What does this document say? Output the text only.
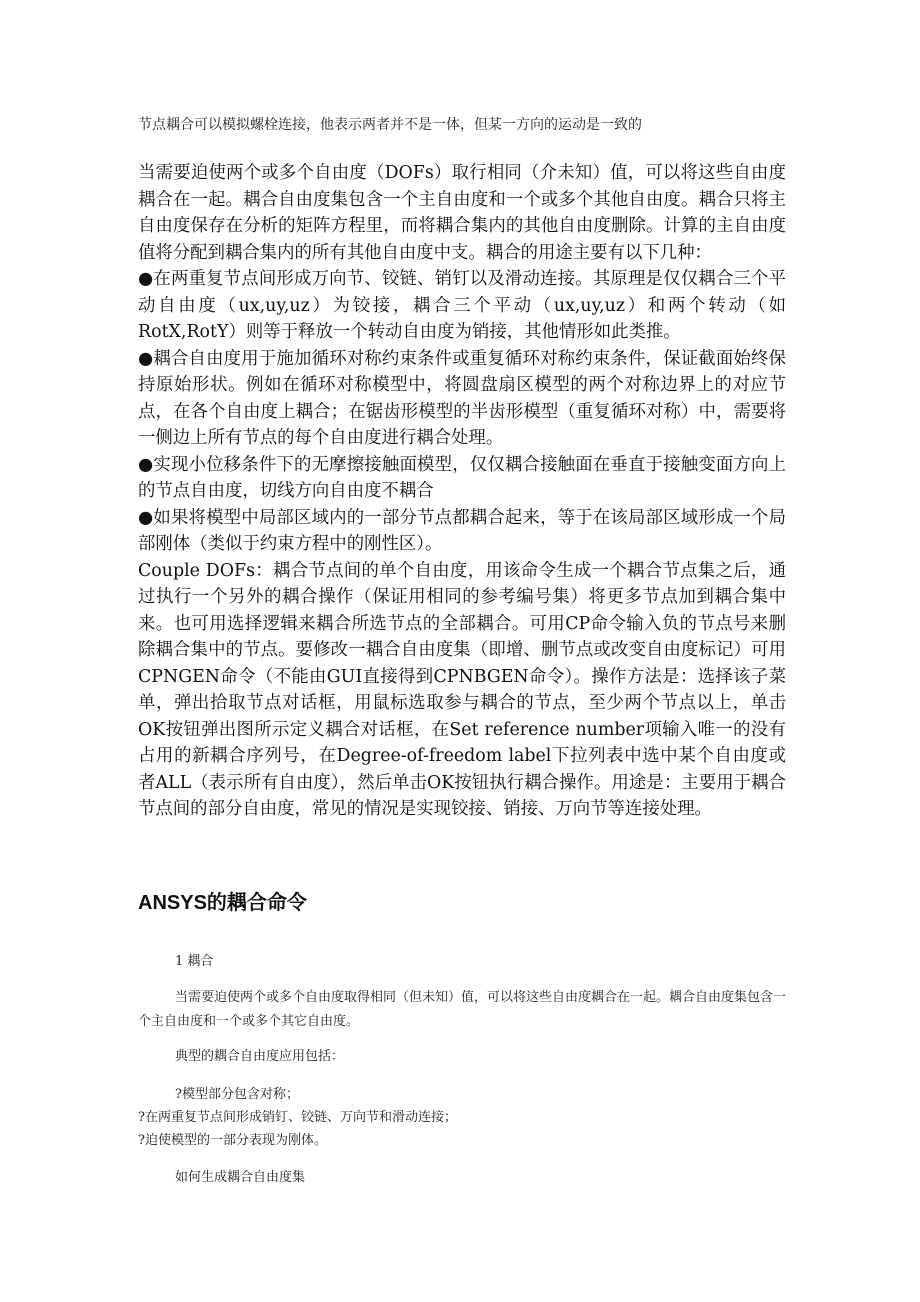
节点耦合可以模拟螺栓连接，他表示两者并不是一体，但某一方向的运动是一致的

当需要迫使两个或多个自由度（DOFs）取行相同（介未知）值，可以将这些自由度耦合在一起。耦合自由度集包含一个主自由度和一个或多个其他自由度。耦合只将主自由度保存在分析的矩阵方程里，而将耦合集内的其他自由度删除。计算的主自由度值将分配到耦合集内的所有其他自由度中支。耦合的用途主要有以下几种：

●在两重复节点间形成万向节、铰链、销钉以及滑动连接。其原理是仅仅耦合三个平动自由度（ux,uy,uz）为铰接，耦合三个平动（ux,uy,uz）和两个转动（如RotX,RotY）则等于释放一个转动自由度为销接，其他情形如此类推。

●耦合自由度用于施加循环对称约束条件或重复循环对称约束条件，保证截面始终保持原始形状。例如在循环对称模型中，将圆盘扇区模型的两个对称边界上的对应节点，在各个自由度上耦合；在锯齿形模型的半齿形模型（重复循环对称）中，需要将一侧边上所有节点的每个自由度进行耦合处理。

●实现小位移条件下的无摩擦接触面模型，仅仅耦合接触面在垂直于接触变面方向上的节点自由度，切线方向自由度不耦合

●如果将模型中局部区域内的一部分节点都耦合起来，等于在该局部区域形成一个局部刚体（类似于约束方程中的刚性区）。

Couple DOFs：耦合节点间的单个自由度，用该命令生成一个耦合节点集之后，通过执行一个另外的耦合操作（保证用相同的参考编号集）将更多节点加到耦合集中来。也可用选择逻辑来耦合所选节点的全部耦合。可用CP命令输入负的节点号来删除耦合集中的节点。要修改一耦合自由度集（即增、删节点或改变自由度标记）可用CPNGEN命令（不能由GUI直接得到CPNBGEN命令）。操作方法是：选择该子菜单，弹出拾取节点对话框，用鼠标选取参与耦合的节点，至少两个节点以上，单击OK按钮弹出图所示定义耦合对话框，在Set reference number项输入唯一的没有占用的新耦合序列号，在Degree-of-freedom label下拉列表中选中某个自由度或者ALL（表示所有自由度），然后单击OK按钮执行耦合操作。用途是：主要用于耦合节点间的部分自由度，常见的情况是实现铰接、销接、万向节等连接处理。

ANSYS的耦合命令
1 耦合
当需要迫使两个或多个自由度取得相同（但未知）值，可以将这些自由度耦合在一起。耦合自由度集包含一个主自由度和一个或多个其它自由度。
典型的耦合自由度应用包括：
?模型部分包含对称；
?在两重复节点间形成销钉、铰链、万向节和滑动连接；
?迫使模型的一部分表现为刚体。
如何生成耦合自由度集
